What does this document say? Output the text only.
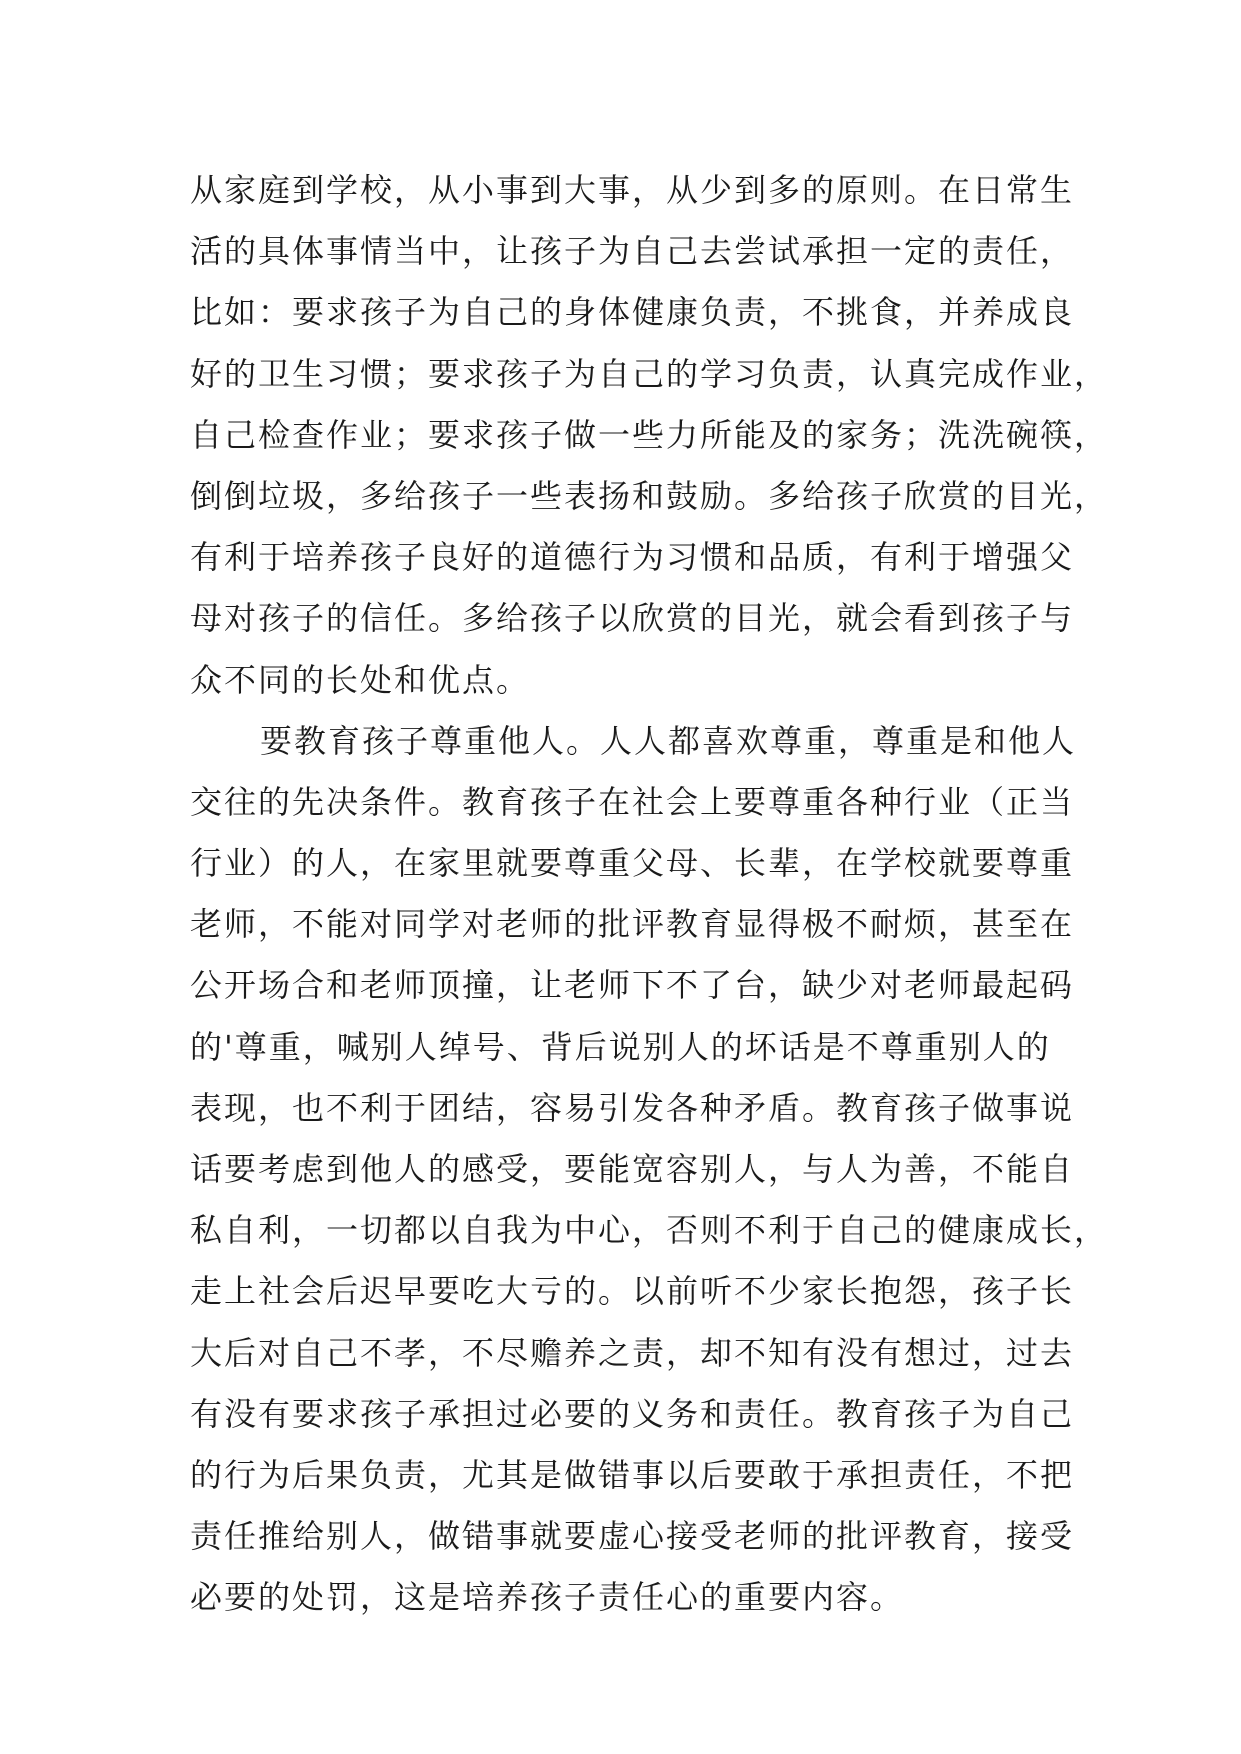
从家庭到学校，从小事到大事，从少到多的原则。在日常生
活的具体事情当中，让孩子为自己去尝试承担一定的责任，
比如：要求孩子为自己的身体健康负责，不挑食，并养成良
好的卫生习惯；要求孩子为自己的学习负责，认真完成作业，
自己检查作业；要求孩子做一些力所能及的家务；洗洗碗筷，
倒倒垃圾，多给孩子一些表扬和鼓励。多给孩子欣赏的目光，
有利于培养孩子良好的道德行为习惯和品质，有利于增强父
母对孩子的信任。多给孩子以欣赏的目光，就会看到孩子与
众不同的长处和优点。
要教育孩子尊重他人。人人都喜欢尊重，尊重是和他人
交往的先决条件。教育孩子在社会上要尊重各种行业（正当
行业）的人，在家里就要尊重父母、长辈，在学校就要尊重
老师，不能对同学对老师的批评教育显得极不耐烦，甚至在
公开场合和老师顶撞，让老师下不了台，缺少对老师最起码
的'尊重，喊别人绰号、背后说别人的坏话是不尊重别人的
表现，也不利于团结，容易引发各种矛盾。教育孩子做事说
话要考虑到他人的感受，要能宽容别人，与人为善，不能自
私自利，一切都以自我为中心，否则不利于自己的健康成长，
走上社会后迟早要吃大亏的。以前听不少家长抱怨，孩子长
大后对自己不孝，不尽赡养之责，却不知有没有想过，过去
有没有要求孩子承担过必要的义务和责任。教育孩子为自己
的行为后果负责，尤其是做错事以后要敢于承担责任，不把
责任推给别人，做错事就要虚心接受老师的批评教育，接受
必要的处罚，这是培养孩子责任心的重要内容。
